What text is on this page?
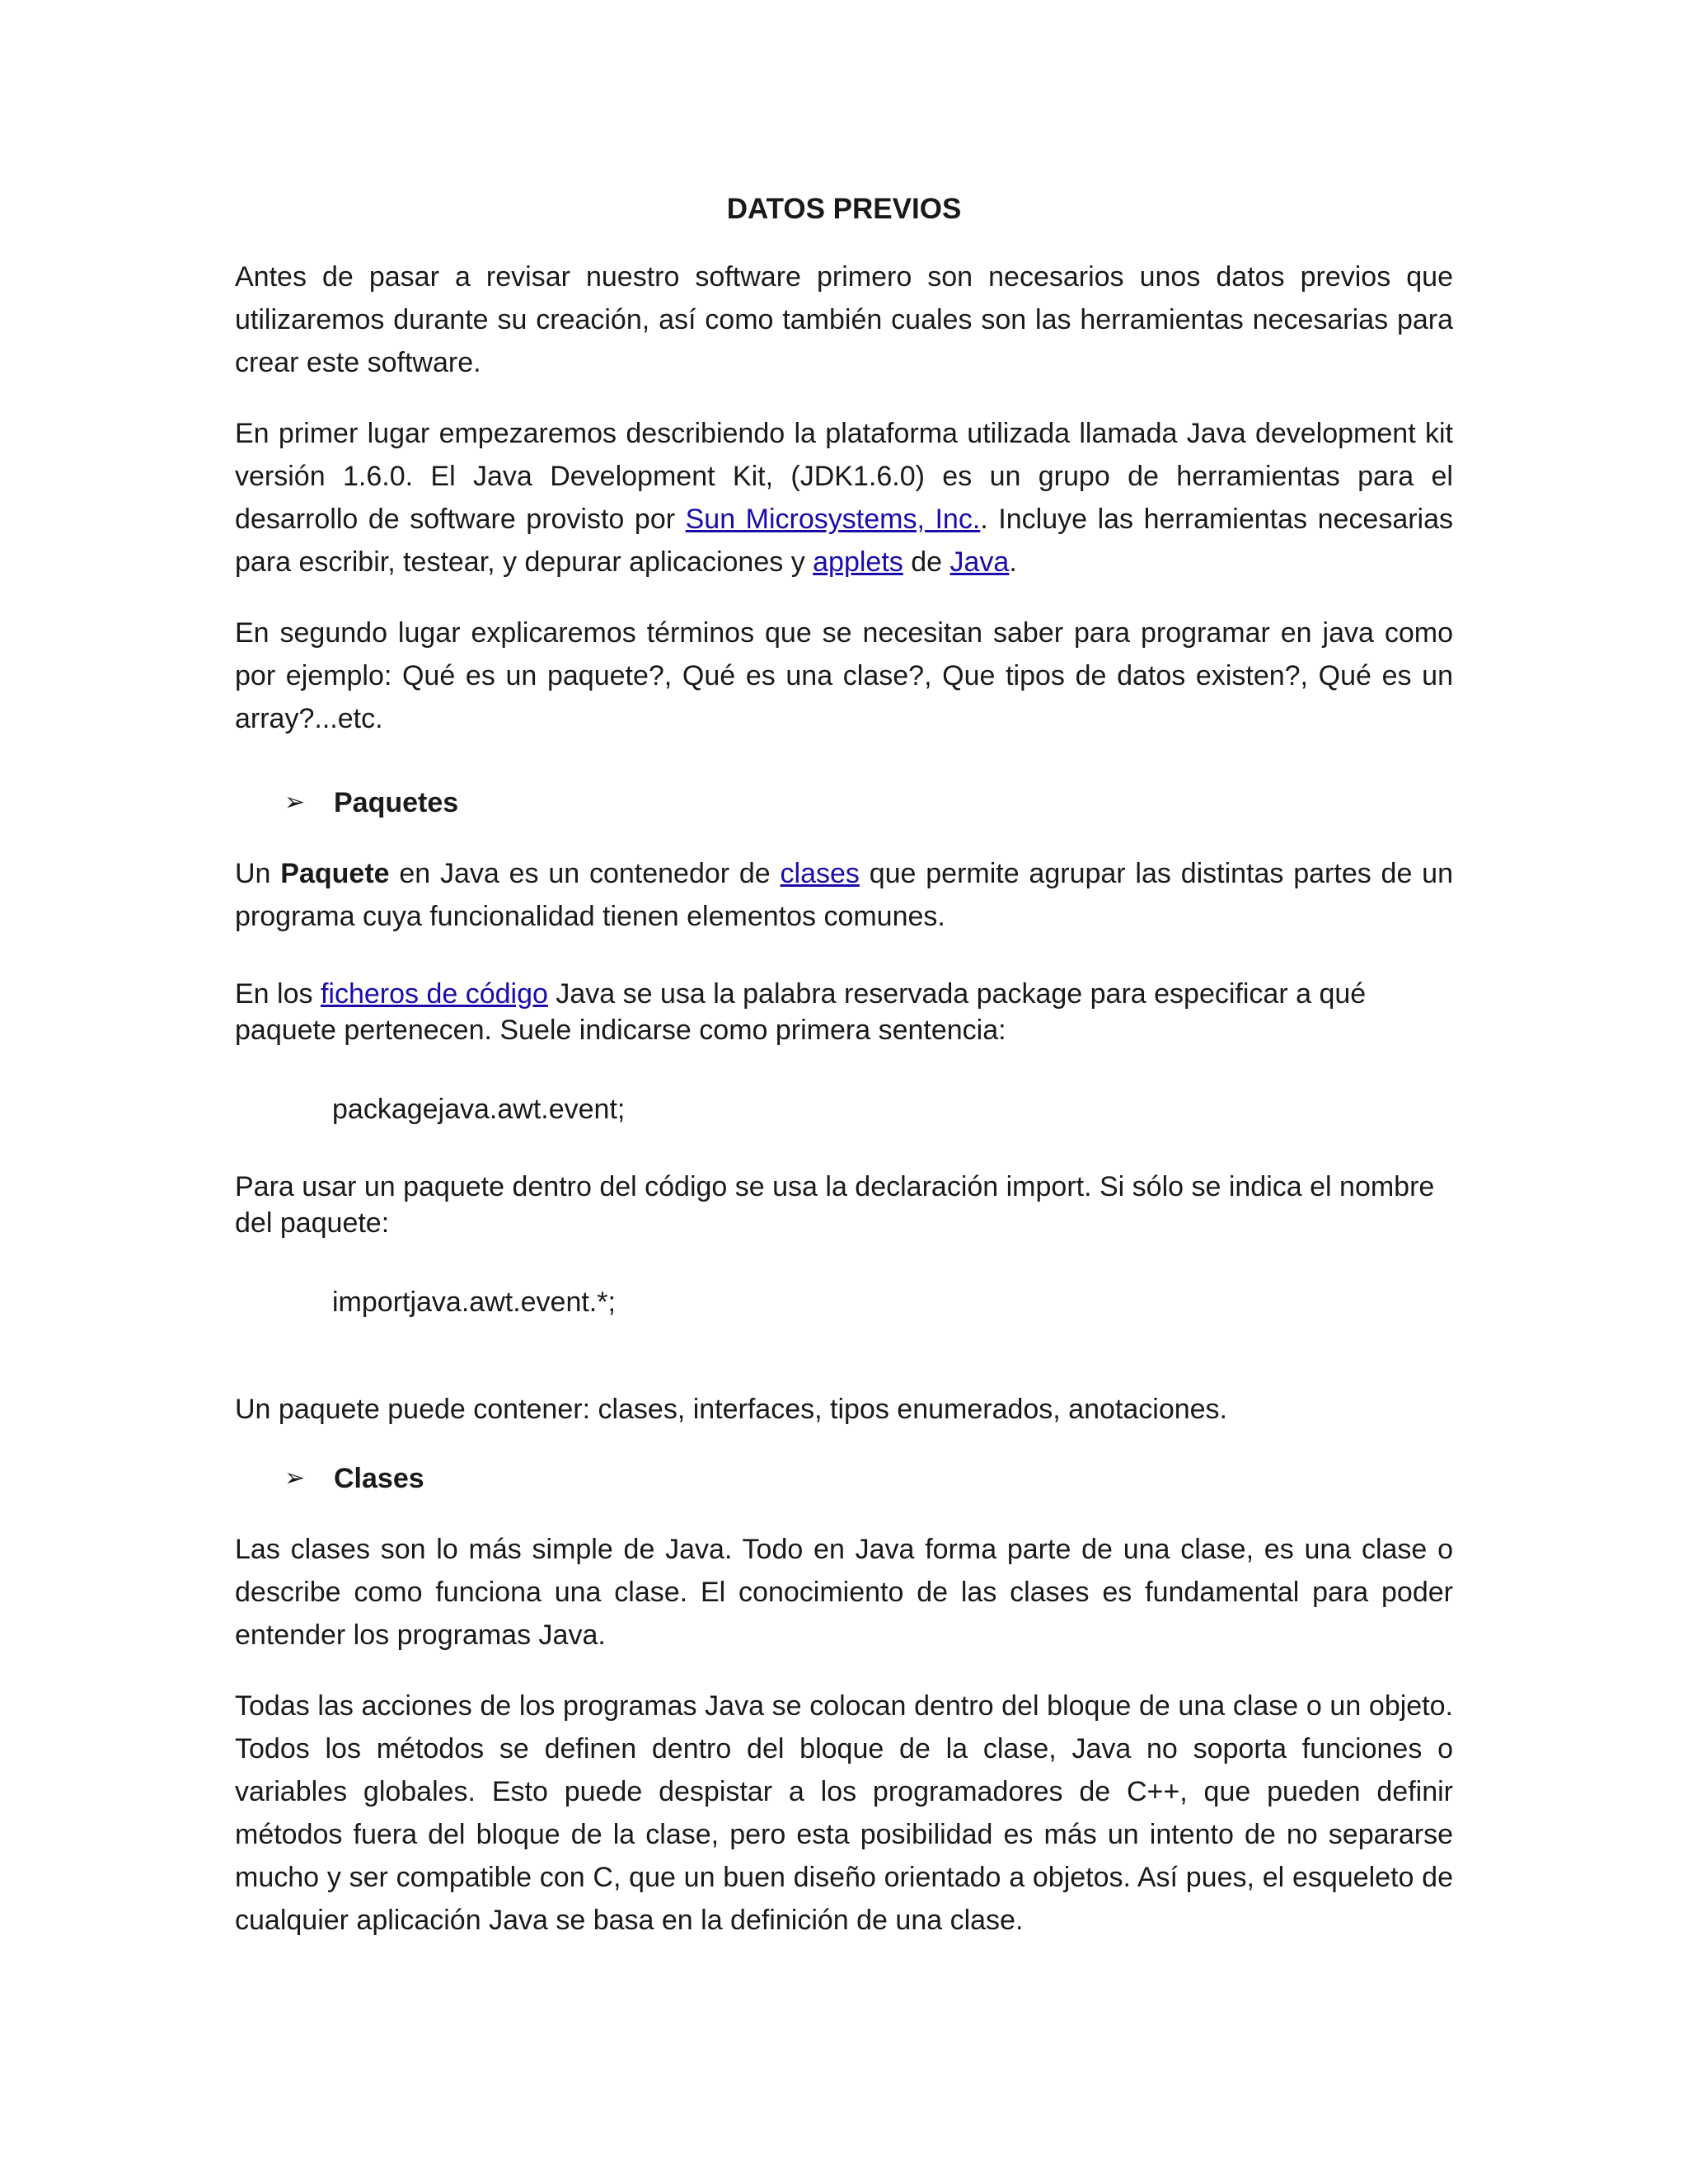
DATOS PREVIOS

Antes de pasar a revisar nuestro software primero son necesarios unos datos previos que utilizaremos durante su creación, así como también cuales son las herramientas necesarias para crear este software.

En primer lugar empezaremos describiendo la plataforma utilizada llamada Java development kit versión 1.6.0. El Java Development Kit, (JDK1.6.0) es un grupo de herramientas para el desarrollo de software provisto por Sun Microsystems, Inc.. Incluye las herramientas necesarias para escribir, testear, y depurar aplicaciones y applets de Java.

En segundo lugar explicaremos términos que se necesitan saber para programar en java como por ejemplo: Qué es un paquete?, Qué es una clase?, Que tipos de datos existen?, Qué es un array?...etc.

➢	Paquetes

Un Paquete en Java es un contenedor de clases que permite agrupar las distintas partes de un programa cuya funcionalidad tienen elementos comunes.

En los ficheros de código Java se usa la palabra reservada package para especificar a qué paquete pertenecen. Suele indicarse como primera sentencia:

packagejava.awt.event;

Para usar un paquete dentro del código se usa la declaración import. Si sólo se indica el nombre del paquete:

importjava.awt.event.*;

Un paquete puede contener: clases, interfaces, tipos enumerados, anotaciones.

➢	Clases

Las clases son lo más simple de Java. Todo en Java forma parte de una clase, es una clase o describe como funciona una clase. El conocimiento de las clases es fundamental para poder entender los programas Java.

Todas las acciones de los programas Java se colocan dentro del bloque de una clase o un objeto. Todos los métodos se definen dentro del bloque de la clase, Java no soporta funciones o variables globales. Esto puede despistar a los programadores de C++, que pueden definir métodos fuera del bloque de la clase, pero esta posibilidad es más un intento de no separarse mucho y ser compatible con C, que un buen diseño orientado a objetos. Así pues, el esqueleto de cualquier aplicación Java se basa en la definición de una clase.
